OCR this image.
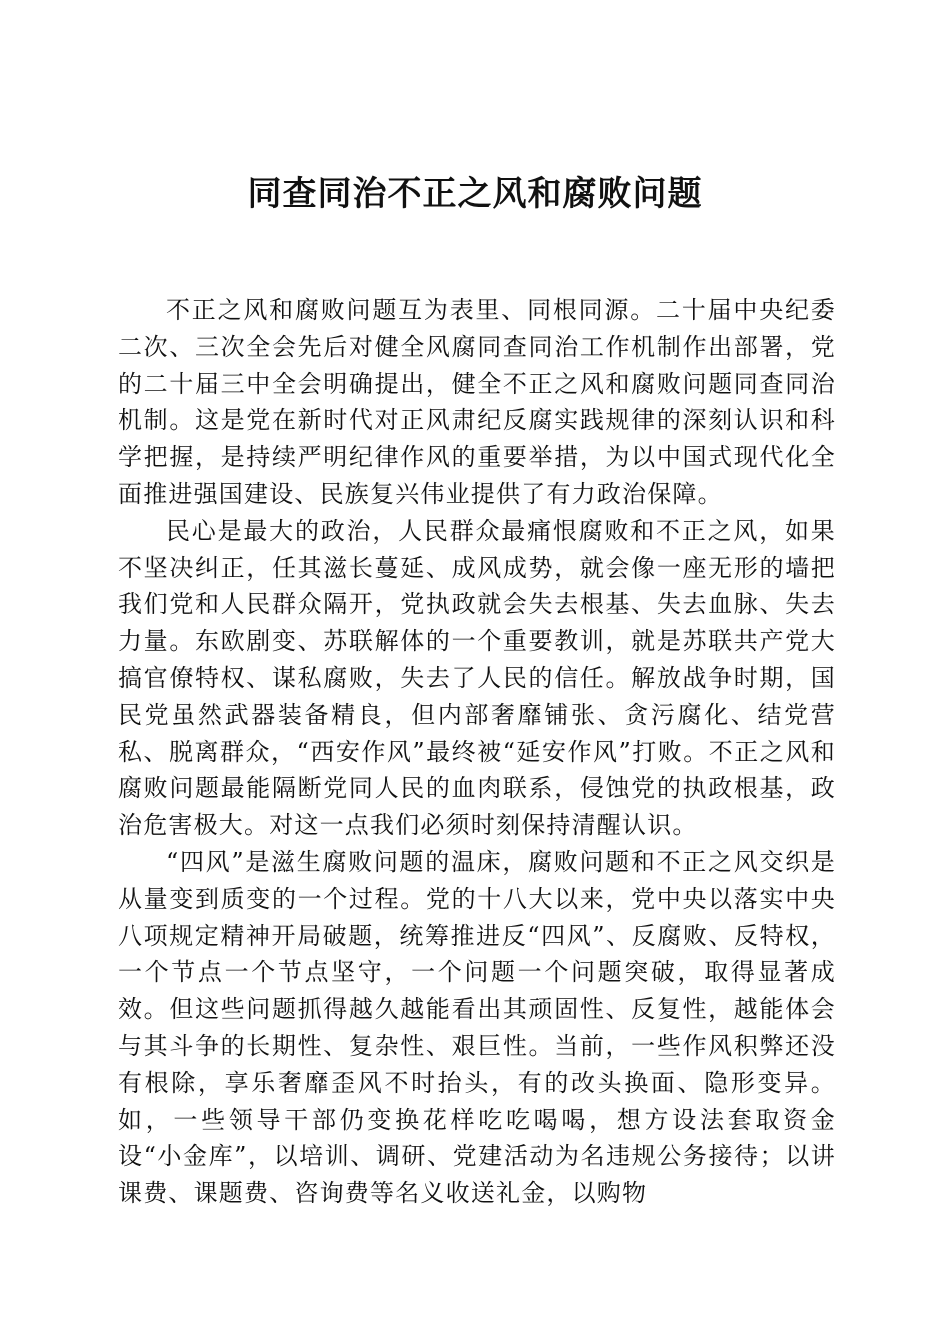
同查同治不正之风和腐败问题

不正之风和腐败问题互为表里、同根同源。二十届中央纪委二次、三次全会先后对健全风腐同查同治工作机制作出部署，党的二十届三中全会明确提出，健全不正之风和腐败问题同查同治机制。这是党在新时代对正风肃纪反腐实践规律的深刻认识和科学把握，是持续严明纪律作风的重要举措，为以中国式现代化全面推进强国建设、民族复兴伟业提供了有力政治保障。

民心是最大的政治，人民群众最痛恨腐败和不正之风，如果不坚决纠正，任其滋长蔓延、成风成势，就会像一座无形的墙把我们党和人民群众隔开，党执政就会失去根基、失去血脉、失去力量。东欧剧变、苏联解体的一个重要教训，就是苏联共产党大搞官僚特权、谋私腐败，失去了人民的信任。解放战争时期，国民党虽然武器装备精良，但内部奢靡铺张、贪污腐化、结党营私、脱离群众，“西安作风”最终被“延安作风”打败。不正之风和腐败问题最能隔断党同人民的血肉联系，侵蚀党的执政根基，政治危害极大。对这一点我们必须时刻保持清醒认识。

“四风”是滋生腐败问题的温床，腐败问题和不正之风交织是从量变到质变的一个过程。党的十八大以来，党中央以落实中央八项规定精神开局破题，统筹推进反“四风”、反腐败、反特权，一个节点一个节点坚守，一个问题一个问题突破，取得显著成效。但这些问题抓得越久越能看出其顽固性、反复性，越能体会与其斗争的长期性、复杂性、艰巨性。当前，一些作风积弊还没有根除，享乐奢靡歪风不时抬头，有的改头换面、隐形变异。如，一些领导干部仍变换花样吃吃喝喝，想方设法套取资金设“小金库”，以培训、调研、党建活动为名违规公务接待；以讲课费、课题费、咨询费等名义收送礼金，以购物
